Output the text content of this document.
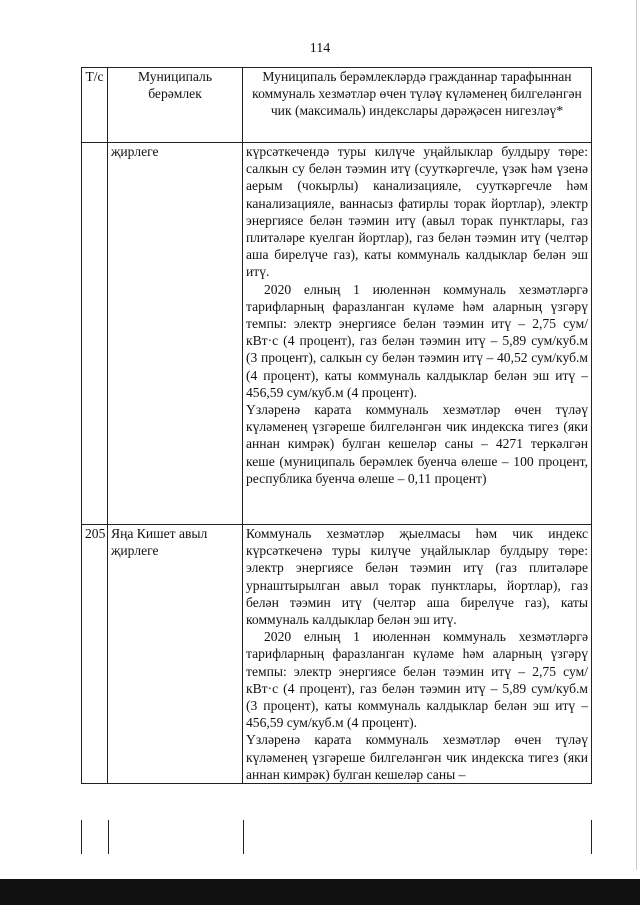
114
Т/с	Муниципаль берәмлек	Муниципаль берәмлекләрдә гражданнар тарафыннан коммуналь хезмәтләр өчен түләү күләменең билгеләнгән чик (максималь) индекслары дәрәҗәсен нигезләү*
	җирлеге	күрсәткечендә туры килүче уңайлыклар булдыру төре: салкын су белән тәэмин итү (сууткәргечле, үзәк һәм үзенә аерым (чокырлы) канализацияле, сууткәргечле һәм канализацияле, ваннасыз фатирлы торак йортлар), электр энергиясе белән тәэмин итү (авыл торак пунктлары, газ плитәләре куелган йортлар), газ белән тәэмин итү (челтәр аша бирелүче газ), каты коммуналь калдыклар белән эш итү.

2020 елның 1 июленнән коммуналь хезмәтләргә тарифларның фаразланган күләме һәм аларның үзгәрү темпы: электр энергиясе белән тәэмин итү – 2,75 сум/кВт·с (4 процент), газ белән тәэмин итү – 5,89 сум/куб.м (3 процент), салкын су белән тәэмин итү – 40,52 сум/куб.м (4 процент), каты коммуналь калдыклар белән эш итү – 456,59 сум/куб.м (4 процент).

Үзләренә карата коммуналь хезмәтләр өчен түләү күләменең үзгәреше билгеләнгән чик индекска тигез (яки аннан кимрәк) булган кешеләр саны – 4271 теркәлгән кеше (муниципаль берәмлек буенча өлеше – 100 процент, республика буенча өлеше – 0,11 процент)

205	Яңа Кишет авыл җирлеге	Коммуналь хезмәтләр җыелмасы һәм чик индекс күрсәткеченә туры килүче уңайлыклар булдыру төре: электр энергиясе белән тәэмин итү (газ плитәләре урнаштырылган авыл торак пунктлары, йортлар), газ белән тәэмин итү (челтәр аша бирелүче газ), каты коммуналь калдыклар белән эш итү.

2020 елның 1 июленнән коммуналь хезмәтләргә тарифларның фаразланган күләме һәм аларның үзгәрү темпы: электр энергиясе белән тәэмин итү – 2,75 сум/кВт·с (4 процент), газ белән тәэмин итү – 5,89 сум/куб.м (3 процент), каты коммуналь калдыклар белән эш итү – 456,59 сум/куб.м (4 процент).

Үзләренә карата коммуналь хезмәтләр өчен түләү күләменең үзгәреше билгеләнгән чик индекска тигез (яки аннан кимрәк) булган кешеләр саны –
